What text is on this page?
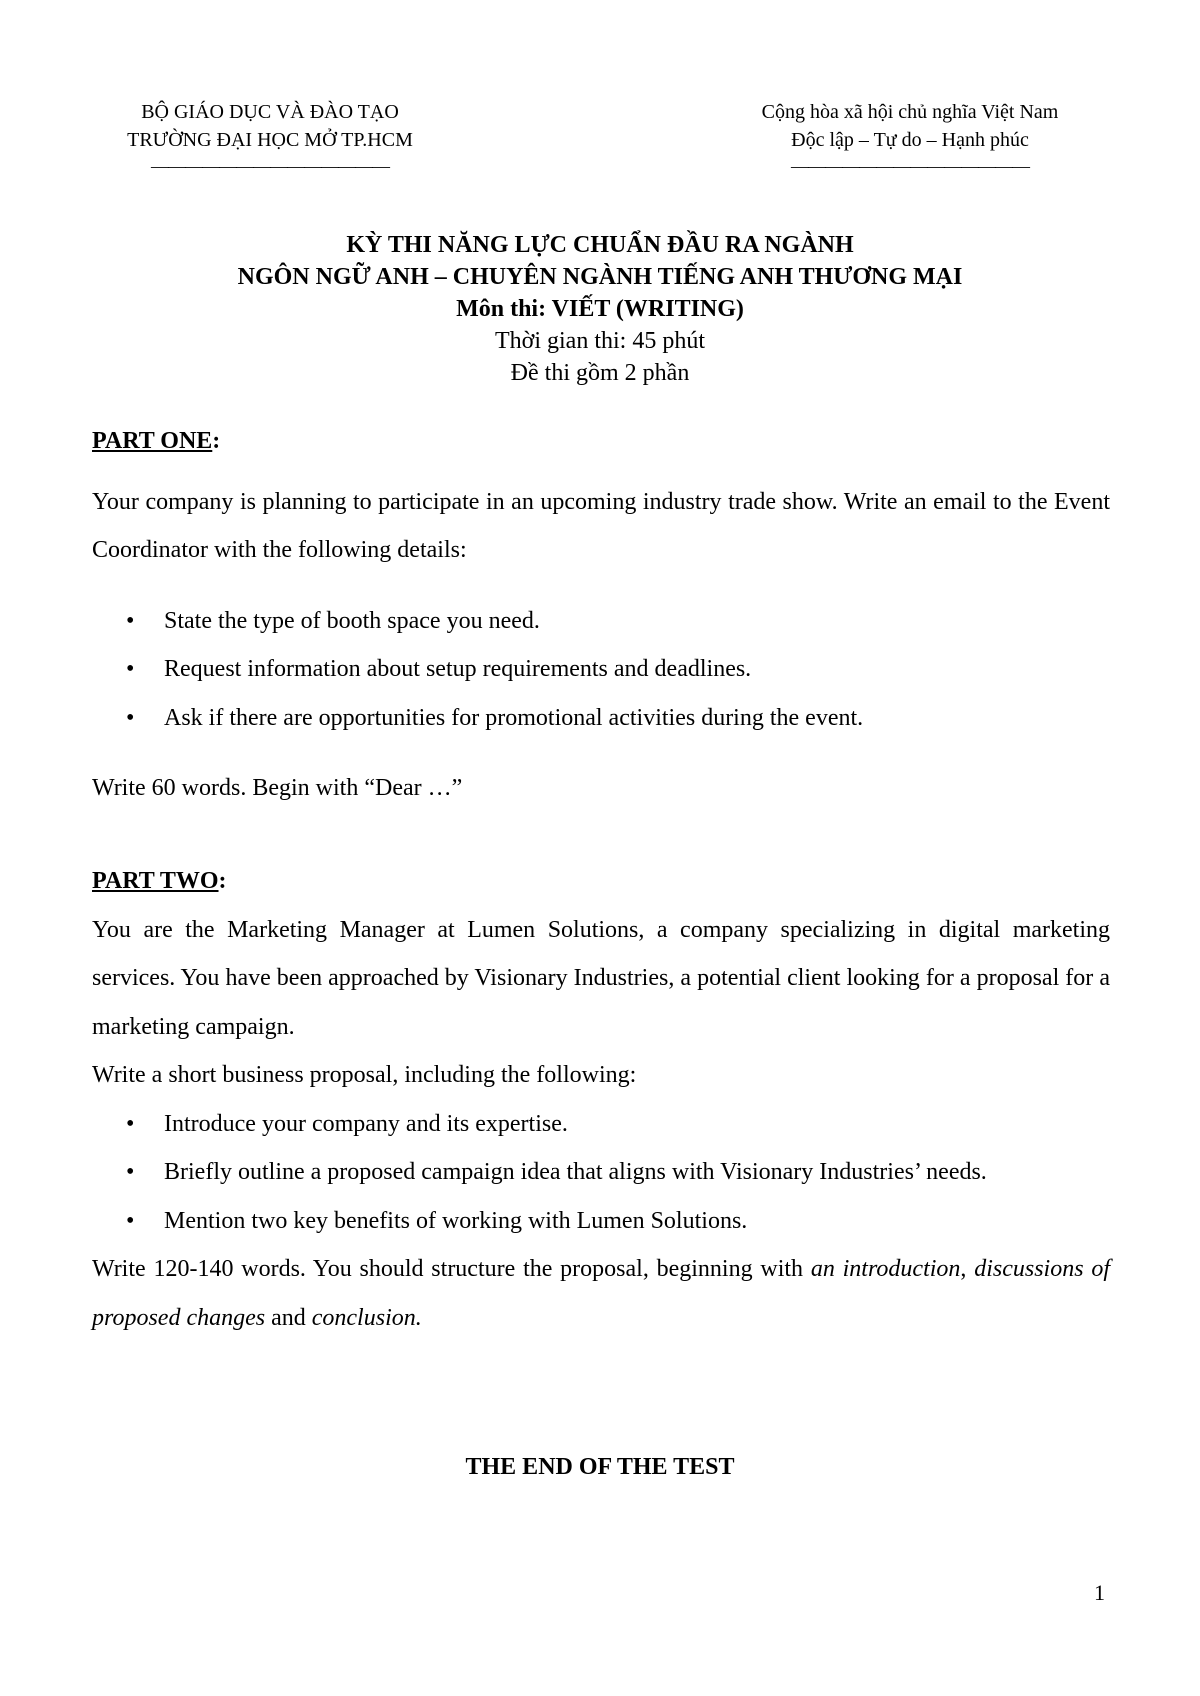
BỘ GIÁO DỤC VÀ ĐÀO TẠO
TRƯỜNG ĐẠI HỌC MỞ TP.HCM
——————————————
Cộng hòa xã hội chủ nghĩa Việt Nam
Độc lập – Tự do – Hạnh phúc
——————————————
KỲ THI NĂNG LỰC CHUẨN ĐẦU RA NGÀNH
NGÔN NGỮ ANH – CHUYÊN NGÀNH TIẾNG ANH THƯƠNG MẠI
Môn thi: VIẾT (WRITING)
Thời gian thi: 45 phút
Đề thi gồm 2 phần

PART ONE:

Your company is planning to participate in an upcoming industry trade show. Write an email to the Event Coordinator with the following details:

• State the type of booth space you need.
• Request information about setup requirements and deadlines.
• Ask if there are opportunities for promotional activities during the event.

Write 60 words. Begin with “Dear …”

PART TWO:

You are the Marketing Manager at Lumen Solutions, a company specializing in digital marketing services. You have been approached by Visionary Industries, a potential client looking for a proposal for a marketing campaign.

Write a short business proposal, including the following:

• Introduce your company and its expertise.
• Briefly outline a proposed campaign idea that aligns with Visionary Industries’ needs.
• Mention two key benefits of working with Lumen Solutions.

Write 120-140 words. You should structure the proposal, beginning with an introduction, discussions of proposed changes and conclusion.

THE END OF THE TEST
1
